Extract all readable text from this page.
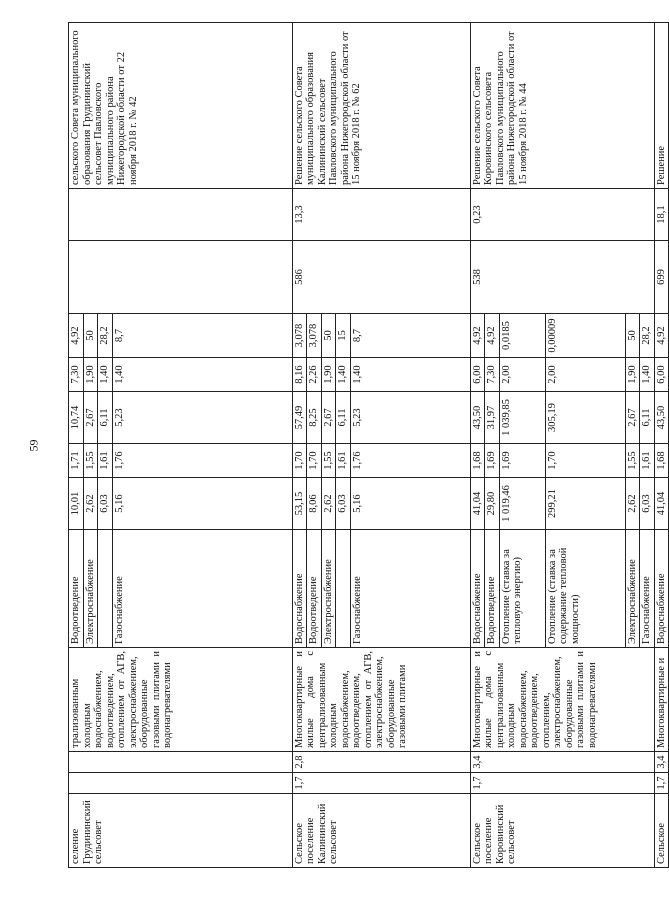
59
селение Грудининский сельсовет			трализованным холодным водоснабжением, водоотведением, отоплением от АГВ, электроснабжением, оборудованные газовыми плитами и водонагревателями	Водоотведение	10,01	1,71	10,74	7,30	4,92			сельского Совета муниципального образования Грудининский сельсовет Павловского муниципального района Нижегородской области от 22 ноября 2018 г. № 42
				Электроснабжение	2,62	1,55	2,67	1,90	50			
					6,03	1,61	6,11	1,40	28,2			
				Газоснабжение	5,16	1,76	5,23	1,40	8,7			
Сельское поселение Калининский сельсовет	1,7	2,8	Многоквартирные и жилые дома с централизованным холодным водоснабжением, водоотведением, отоплением от АГВ, электроснабжением, оборудованные газовыми плитами	Водоснабжение	53,15	1,70	57,49	8,16	3,078	586	13,3	Решение сельского Совета муниципального образования Калининский сельсовет Павловского муниципального района Нижегородской области от 15 ноября 2018 г. № 62
				Водоотведение	8,06	1,70	8,25	2,26	3,078			
				Электроснабжение	2,62	1,55	2,67	1,90	50			
					6,03	1,61	6,11	1,40	15			
				Газоснабжение	5,16	1,76	5,23	1,40	8,7			
Сельское поселение Коровинский сельсовет	1,7	3,4	Многоквартирные и жилые дома с централизованным холодным водоснабжением, водоотведением, отоплением, электроснабжением, оборудованные газовыми плитами и водонагревателями	Водоснабжение	41,04	1,68	43,50	6,00	4,92	538	0,23	Решение сельского Совета Коровинского сельсовета Павловского муниципального района Нижегородской области от 15 ноября 2018 г. № 44
				Водоотведение	29,80	1,69	31,97	7,30	4,92			
				Отопление (ставка за тепловую энергию)	1 019,46	1,69	1 039,85	2,00	0,0185			
				Отопление (ставка за содержание тепловой мощности)	299,21	1,70	305,19	2,00	0,00009			
				Электроснабжение	2,62	1,55	2,67	1,90	50			
				Газоснабжение	6,03	1,61	6,11	1,40	28,2			
Сельское	1,7	3,4	Многоквартирные и	Водоснабжение	41,04	1,68	43,50	6,00	4,92	699	18,1	Решение
